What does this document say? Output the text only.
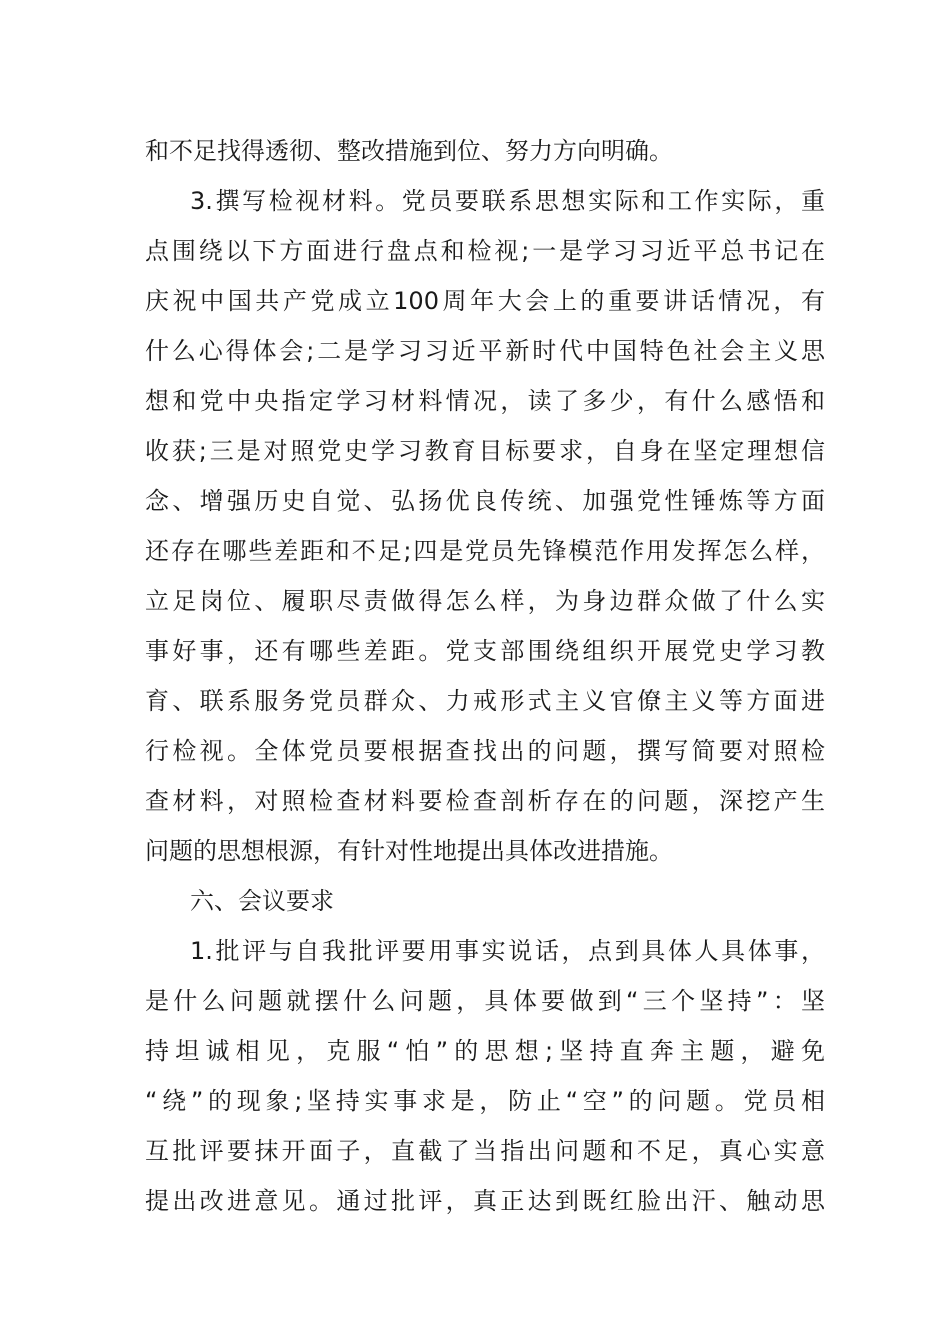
和不足找得透彻、整改措施到位、努力方向明确。
3.撰写检视材料。党员要联系思想实际和工作实际，重
点围绕以下方面进行盘点和检视;一是学习习近平总书记在
庆祝中国共产党成立100周年大会上的重要讲话情况，有
什么心得体会;二是学习习近平新时代中国特色社会主义思
想和党中央指定学习材料情况，读了多少，有什么感悟和
收获;三是对照党史学习教育目标要求，自身在坚定理想信
念、增强历史自觉、弘扬优良传统、加强党性锤炼等方面
还存在哪些差距和不足;四是党员先锋模范作用发挥怎么样，
立足岗位、履职尽责做得怎么样，为身边群众做了什么实
事好事，还有哪些差距。党支部围绕组织开展党史学习教
育、联系服务党员群众、力戒形式主义官僚主义等方面进
行检视。全体党员要根据查找出的问题，撰写简要对照检
查材料，对照检查材料要检查剖析存在的问题，深挖产生
问题的思想根源，有针对性地提出具体改进措施。
六、会议要求
1.批评与自我批评要用事实说话，点到具体人具体事，
是什么问题就摆什么问题，具体要做到“三个坚持”：坚
持坦诚相见，克服“怕”的思想;坚持直奔主题，避免
“绕”的现象;坚持实事求是，防止“空”的问题。党员相
互批评要抹开面子，直截了当指出问题和不足，真心实意
提出改进意见。通过批评，真正达到既红脸出汗、触动思
